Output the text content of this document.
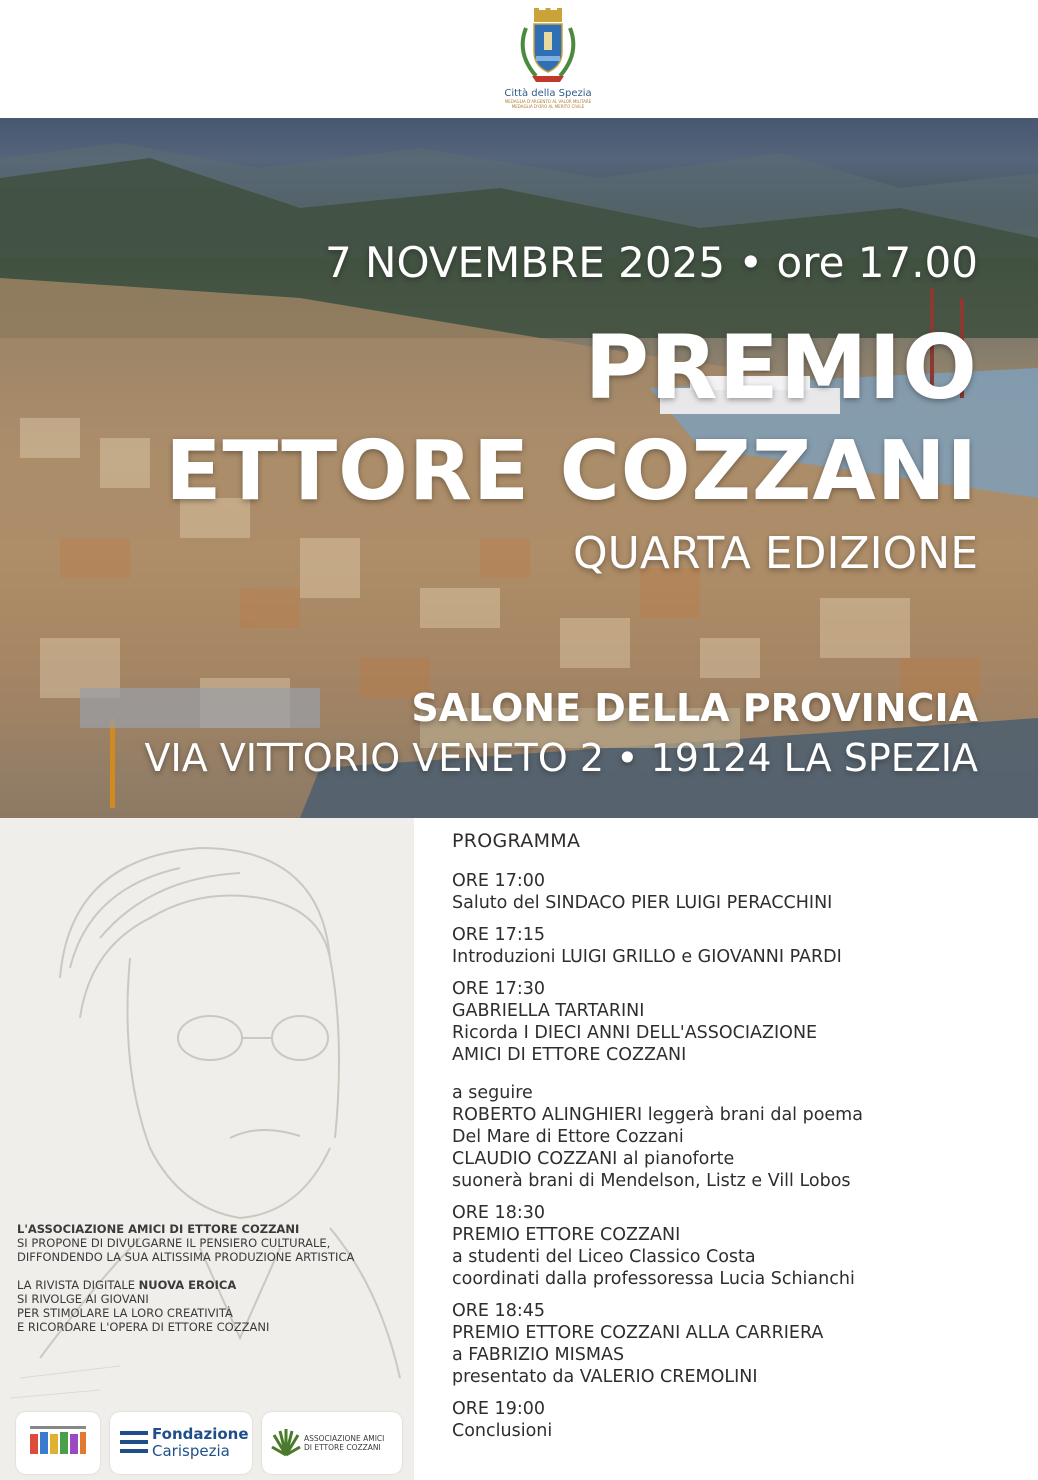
Città della Spezia
MEDAGLIA D'ARGENTO AL VALOR MILITARE
MEDAGLIA D'ORO AL MERITO CIVILE
7 NOVEMBRE 2025 • ore 17.00
PREMIO
ETTORE COZZANI
QUARTA EDIZIONE
SALONE DELLA PROVINCIA
VIA VITTORIO VENETO 2 • 19124 LA SPEZIA

L'ASSOCIAZIONE AMICI DI ETTORE COZZANI
SI PROPONE DI DIVULGARNE IL PENSIERO CULTURALE,
DIFFONDENDO LA SUA ALTISSIMA PRODUZIONE ARTISTICA

LA RIVISTA DIGITALE NUOVA EROICA
SI RIVOLGE AI GIOVANI
PER STIMOLARE LA LORO CREATIVITÀ
E RICORDARE L'OPERA DI ETTORE COZZANI

Fondazione
Carispezia
ASSOCIAZIONE AMICI
DI ETTORE COZZANI
PROGRAMMA
ORE 17:00
Saluto del SINDACO PIER LUIGI PERACCHINI
ORE 17:15
Introduzioni LUIGI GRILLO e GIOVANNI PARDI
ORE 17:30
GABRIELLA TARTARINI
Ricorda I DIECI ANNI DELL'ASSOCIAZIONE
AMICI DI ETTORE COZZANI
a seguire
ROBERTO ALINGHIERI leggerà brani dal poema
Del Mare di Ettore Cozzani
CLAUDIO COZZANI al pianoforte
suonerà brani di Mendelson, Listz e Vill Lobos
ORE 18:30
PREMIO ETTORE COZZANI
a studenti del Liceo Classico Costa
coordinati dalla professoressa Lucia Schianchi
ORE 18:45
PREMIO ETTORE COZZANI ALLA CARRIERA
a FABRIZIO MISMAS
presentato da VALERIO CREMOLINI
ORE 19:00
Conclusioni
